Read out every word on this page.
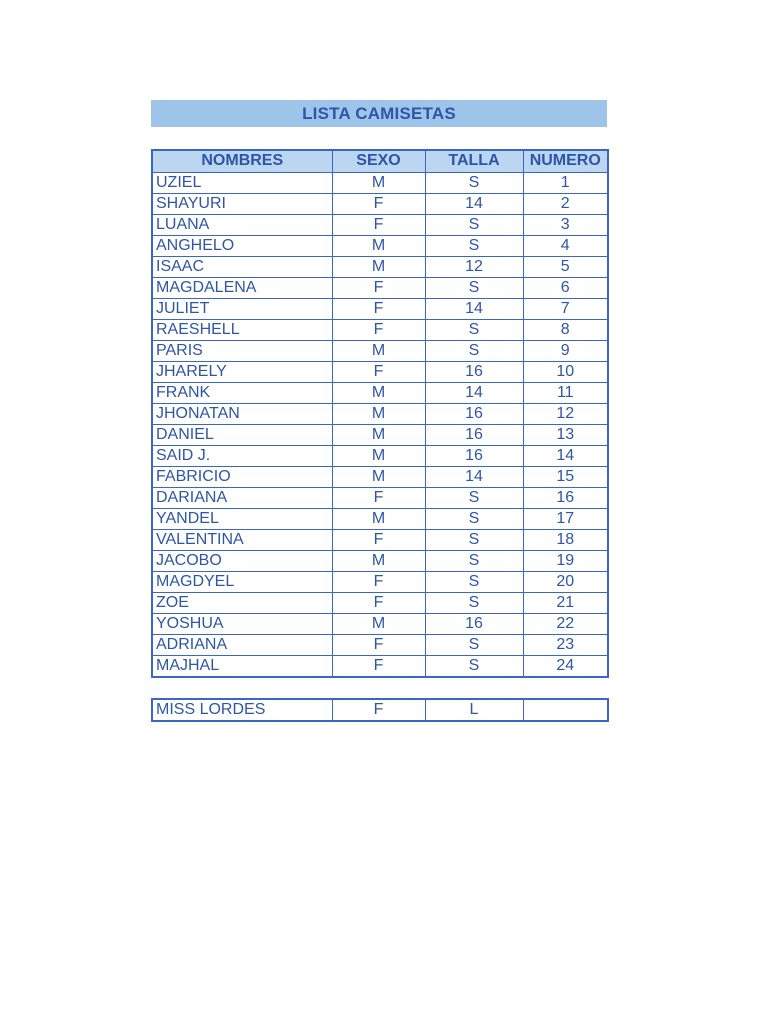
LISTA CAMISETAS
NOMBRES	SEXO	TALLA	NUMERO
UZIEL	M	S	1
SHAYURI	F	14	2
LUANA	F	S	3
ANGHELO	M	S	4
ISAAC	M	12	5
MAGDALENA	F	S	6
JULIET	F	14	7
RAESHELL	F	S	8
PARIS	M	S	9
JHARELY	F	16	10
FRANK	M	14	11
JHONATAN	M	16	12
DANIEL	M	16	13
SAID J.	M	16	14
FABRICIO	M	14	15
DARIANA	F	S	16
YANDEL	M	S	17
VALENTINA	F	S	18
JACOBO	M	S	19
MAGDYEL	F	S	20
ZOE	F	S	21
YOSHUA	M	16	22
ADRIANA	F	S	23
MAJHAL	F	S	24
MISS LORDES	F	L	
